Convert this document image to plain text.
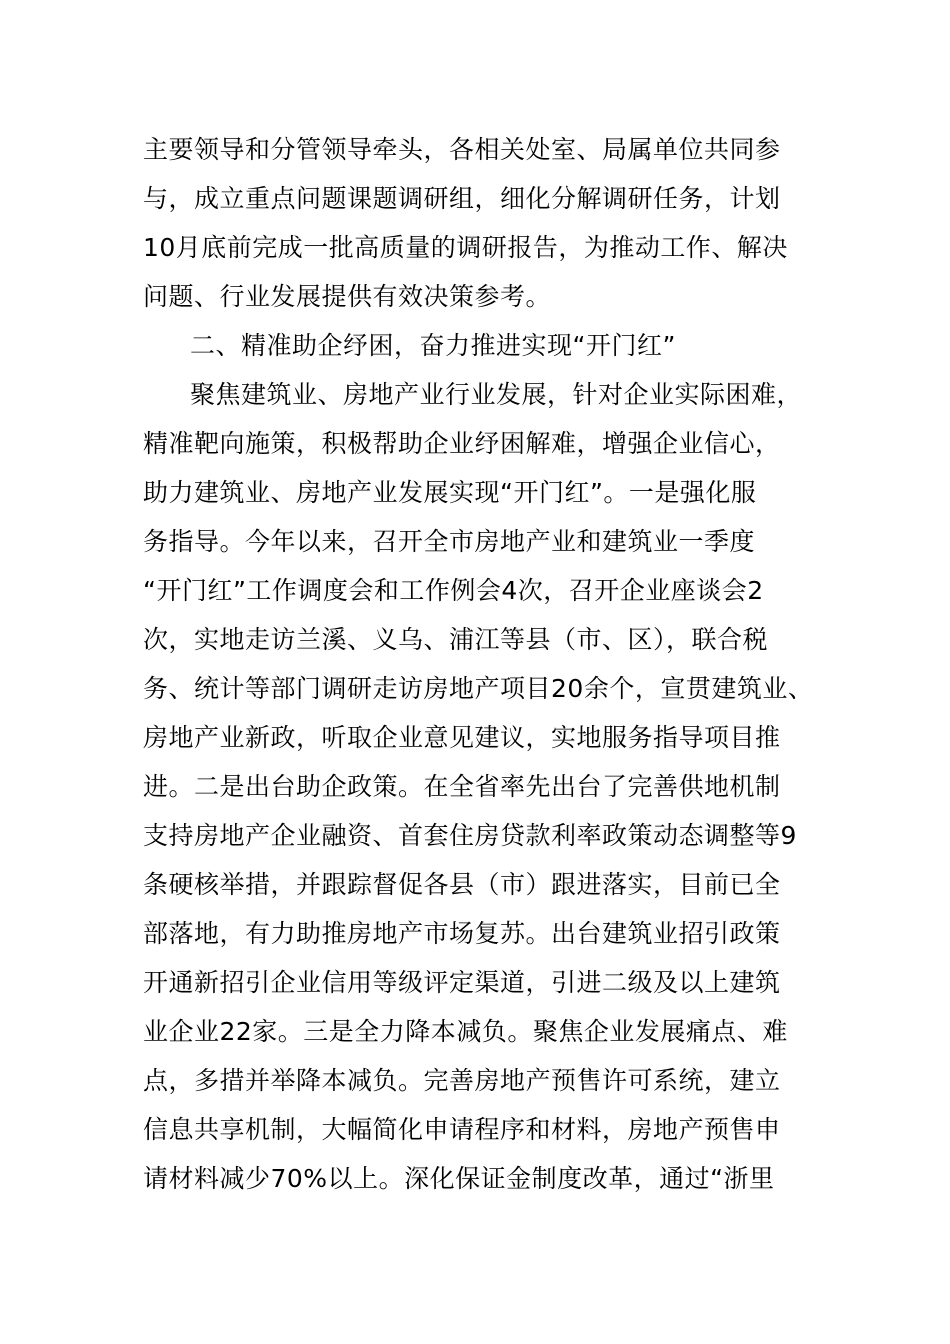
主要领导和分管领导牵头，各相关处室、局属单位共同参
与，成立重点问题课题调研组，细化分解调研任务，计划
10月底前完成一批高质量的调研报告，为推动工作、解决
问题、行业发展提供有效决策参考。
二、精准助企纾困，奋力推进实现“开门红”
聚焦建筑业、房地产业行业发展，针对企业实际困难，
精准靶向施策，积极帮助企业纾困解难，增强企业信心，
助力建筑业、房地产业发展实现“开门红”。一是强化服
务指导。今年以来，召开全市房地产业和建筑业一季度
“开门红”工作调度会和工作例会4次，召开企业座谈会2
次，实地走访兰溪、义乌、浦江等县（市、区），联合税
务、统计等部门调研走访房地产项目20余个，宣贯建筑业、
房地产业新政，听取企业意见建议，实地服务指导项目推
进。二是出台助企政策。在全省率先出台了完善供地机制
支持房地产企业融资、首套住房贷款利率政策动态调整等9
条硬核举措，并跟踪督促各县（市）跟进落实，目前已全
部落地，有力助推房地产市场复苏。出台建筑业招引政策
开通新招引企业信用等级评定渠道，引进二级及以上建筑
业企业22家。三是全力降本减负。聚焦企业发展痛点、难
点，多措并举降本减负。完善房地产预售许可系统，建立
信息共享机制，大幅简化申请程序和材料，房地产预售申
请材料减少70%以上。深化保证金制度改革，通过“浙里
